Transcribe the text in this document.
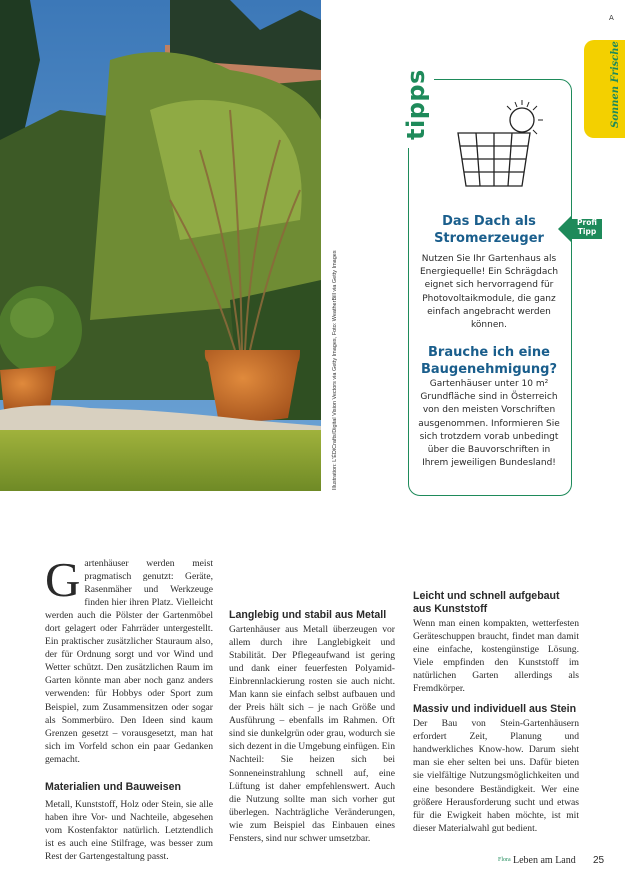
Illustration: L'ÉDiCrafts/Digital Vision Vectors via Getty Images, Foto: WeatherBill via Getty Images
A
Sonnen Frische
tipps
Profi Tipp
Das Dach als Stromerzeuger
Nutzen Sie Ihr Gartenhaus als Energiequelle! Ein Schrägdach eignet sich hervorragend für Photovoltaikmodule, die ganz einfach angebracht werden können.
Brauche ich eine Baugenehmigung?
Gartenhäuser unter 10 m² Grundfläche sind in Österreich von den meisten Vorschriften ausgenommen. Informieren Sie sich trotzdem vorab unbedingt über die Bauvorschriften in Ihrem jeweiligen Bundesland!
G artenhäuser werden meist pragmatisch genutzt: Geräte, Rasenmäher und Werkzeuge finden hier ihren Platz. Vielleicht werden auch die Pölster der Gartenmöbel dort gelagert oder Fahrräder untergestellt. Ein praktischer zusätzlicher Stauraum also, der für Ordnung sorgt und vor Wind und Wetter schützt. Den zusätzlichen Raum im Garten könnte man aber noch ganz anders verwenden: für Hobbys oder Sport zum Beispiel, zum Zusammensitzen oder sogar als Sommerbüro. Den Ideen sind kaum Grenzen gesetzt – vorausgesetzt, man hat sich im Vorfeld schon ein paar Gedanken gemacht.

Materialien und Bauweisen

Metall, Kunststoff, Holz oder Stein, sie alle haben ihre Vor- und Nachteile, abgesehen vom Kostenfaktor natürlich. Letztendlich ist es auch eine Stilfrage, was besser zum Rest der Gartengestaltung passt.

Langlebig und stabil aus Metall

Gartenhäuser aus Metall überzeugen vor allem durch ihre Langlebigkeit und Stabilität. Der Pflegeaufwand ist gering und dank einer feuerfesten Polyamid-Einbrennlackierung rosten sie auch nicht. Man kann sie einfach selbst aufbauen und der Preis hält sich – je nach Größe und Ausführung – ebenfalls im Rahmen. Oft sind sie dunkelgrün oder grau, wodurch sie sich dezent in die Umgebung einfügen. Ein Nachteil: Sie heizen sich bei Sonneneinstrahlung schnell auf, eine Lüftung ist daher empfehlenswert. Auch die Nutzung sollte man sich vorher gut überlegen. Nachträgliche Veränderungen, wie zum Beispiel das Einbauen eines Fensters, sind nur schwer umsetzbar.

Leicht und schnell aufgebaut aus Kunststoff

Wenn man einen kompakten, wetterfesten Geräteschuppen braucht, findet man damit eine einfache, kostengünstige Lösung. Viele empfinden den Kunststoff im natürlichen Garten allerdings als Fremdkörper.

Massiv und individuell aus Stein

Der Bau von Stein-Gartenhäusern erfordert Zeit, Planung und handwerkliches Know-how. Darum sieht man sie eher selten bei uns. Dafür bieten sie vielfältige Nutzungsmöglichkeiten und eine besondere Beständigkeit. Wer eine größere Herausforderung sucht und etwas für die Ewigkeit haben möchte, ist mit dieser Materialwahl gut bedient.

Flora Leben am Land 25
